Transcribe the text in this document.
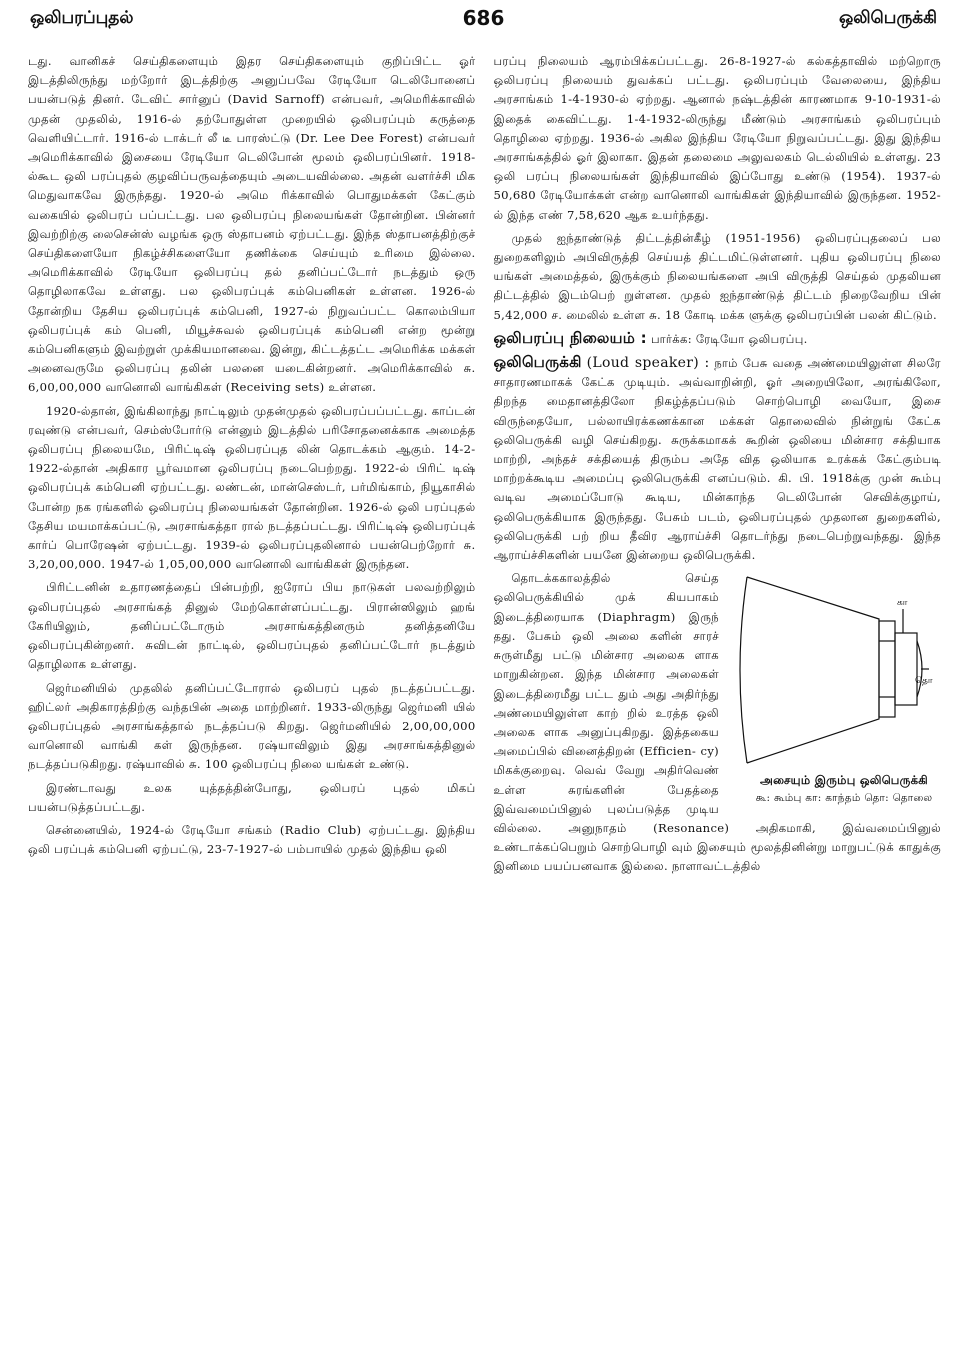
ஒலிபரப்புதல்	686	ஒலிபெருக்கி

டது. வானிகச் செய்திகளையும் இதர செய்திகளையும் குறிப்பிட்ட ஓர் இடத்திலிருந்து மற்றோர் இடத்திற்கு அனுப்பவே ரேடியோ டெலிபோனைப் பயன்படுத் தினர். டேவிட் சார்னுப் (David Sarnoff) என்பவர், அமெரிக்காவில் முதன் முதலில், 1916-ல் தற்போதுள்ள முறையில் ஒலிபரப்பும் கருத்தை வெளியிட்டார். 1916-ல் டாக்டர் லீ டீ பாரஸ்ட்டு (Dr. Lee Dee Forest) என்பவர் அமெரிக்காவில் இசையை ரேடியோ டெலிபோன் மூலம் ஒலிபரப்பினர். 1918-ல்கூட ஒலி பரப்புதல் குழவிப்பருவத்தையும் அடையவில்லை. அதன் வளர்ச்சி மிக மெதுவாகவே இருந்தது. 1920-ல் அமெ ரிக்காவில் பொதுமக்கள் கேட்கும் வகையில் ஒலிபரப் பப்பட்டது. பல ஒலிபரப்பு நிலையங்கள் தோன்றின. பின்னர் இவற்றிற்கு லைசென்ஸ் வழங்க ஒரு ஸ்தாபனம் ஏற்பட்டது. இந்த ஸ்தாபனத்திற்குச் செய்திகளையோ நிகழ்ச்சிகளையோ தணிக்கை செய்யும் உரிமை இல்லை. அமெரிக்காவில் ரேடியோ ஒலிபரப்பு தல் தனிப்பட்டோர் நடத்தும் ஒரு தொழிலாகவே உள்ளது. பல ஒலிபரப்புக் கம்பெனிகள் உள்ளன. 1926-ல் தோன்றிய தேசிய ஒலிபரப்புக் கம்பெனி, 1927-ல் நிறுவப்பட்ட கொலம்பியா ஒலிபரப்புக் கம் பெனி, மியூச்சுவல் ஒலிபரப்புக் கம்பெனி என்ற மூன்று கம்பெனிகளும் இவற்றுள் முக்கியமானவை. இன்று, கிட்டத்தட்ட அமெரிக்க மக்கள் அனைவருமே ஒலிபரப்பு தலின் பலனை யடைகின்றனர். அமெரிக்காவில் சு. 6,00,00,000 வானொலி வாங்கிகள் (Receiving sets) உள்ளன.

1920-ல்தான், இங்கிலாந்து நாட்டிலும் முதன்முதல் ஒலிபரப்பப்பட்டது. காப்டன் ரவுண்டு என்பவர், செம்ஸ்போர்டு என்னும் இடத்தில் பரிசோதனைக்காக அமைத்த ஒலிபரப்பு நிலையமே, பிரிட்டிஷ் ஒலிபரப்புத லின் தொடக்கம் ஆகும். 14-2-1922-ல்தான் அதிகார பூர்வமான ஒலிபரப்பு நடைபெற்றது. 1922-ல் பிரிட் டிஷ் ஒலிபரப்புக் கம்பெனி ஏற்பட்டது. லண்டன், மான்செஸ்டர், பர்மிங்காம், நியூகாசில் போன்ற நக ரங்களில் ஒலிபரப்பு நிலையங்கள் தோன்றின. 1926-ல் ஒலி பரப்புதல் தேசிய மயமாக்கப்பட்டு, அரசாங்கத்தா ரால் நடத்தப்பட்டது. பிரிட்டிஷ் ஒலிபரப்புக் கார்ப் பொரேஷன் ஏற்பட்டது. 1939-ல் ஒலிபரப்புதலினால் பயன்பெற்றோர் சு. 3,20,00,000. 1947-ல் 1,05,00,000 வானொலி வாங்கிகள் இருந்தன.

பிரிட்டனின் உதாரணத்தைப் பின்பற்றி, ஐரோப் பிய நாடுகள் பலவற்றிலும் ஒலிபரப்புதல் அரசாங்கத் தினுல் மேற்கொள்ளப்பட்டது. பிரான்ஸிலும் ஹங் கேரியிலும், தனிப்பட்டோரும் அரசாங்கத்தினரும் தனித்தனியே ஒலிபரப்புகின்றனர். சுவிடன் நாட்டில், ஒலிபரப்புதல் தனிப்பட்டோர் நடத்தும் தொழிலாக உள்ளது.

ஜெர்மனியில் முதலில் தனிப்பட்டோரால் ஒலிபரப் புதல் நடத்தப்பட்டது. ஹிட்லர் அதிகாரத்திற்கு வந்தபின் அதை மாற்றினர். 1933-லிருந்து ஜெர்மனி யில் ஒலிபரப்புதல் அரசாங்கத்தால் நடத்தப்படு கிறது. ஜெர்மனியில் 2,00,00,000 வானொலி வாங்கி கள் இருந்தன. ரஷ்யாவிலும் இது அரசாங்கத்தினுல் நடத்தப்படுகிறது. ரஷ்யாவில் சு. 100 ஒலிபரப்பு நிலை யங்கள் உண்டு.

இரண்டாவது உலக யுத்தத்தின்போது, ஒலிபரப் புதல் மிகப் பயன்படுத்தப்பட்டது.

சென்னையில், 1924-ல் ரேடியோ சங்கம் (Radio Club) ஏற்பட்டது. இந்திய ஒலி பரப்புக் கம்பெனி ஏற்பட்டு, 23-7-1927-ல் பம்பாயில் முதல் இந்திய ஒலி

பரப்பு நிலையம் ஆரம்பிக்கப்பட்டது. 26-8-1927-ல் கல்கத்தாவில் மற்றொரு ஒலிபரப்பு நிலையம் துவக்கப் பட்டது. ஒலிபரப்பும் வேலையை, இந்திய அரசாங்கம் 1-4-1930-ல் ஏற்றது. ஆனால் நஷ்டத்தின் காரணமாக 9-10-1931-ல் இதைக் கைவிட்டது. 1-4-1932-லிருந்து மீண்டும் அரசாங்கம் ஒலிபரப்பும் தொழிலை ஏற்றது. 1936-ல் அகில இந்திய ரேடியோ நிறுவப்பட்டது. இது இந்திய அரசாங்கத்தில் ஓர் இலாகா. இதன் தலைமை அலுவலகம் டெல்லியில் உள்ளது. 23 ஒலி பரப்பு நிலையங்கள் இந்தியாவில் இப்போது உண்டு (1954). 1937-ல் 50,680 ரேடியோக்கள் என்ற வானொலி வாங்கிகள் இந்தியாவில் இருந்தன. 1952-ல் இந்த எண் 7,58,620 ஆக உயர்ந்தது.

முதல் ஐந்தாண்டுத் திட்டத்தின்கீழ் (1951-1956) ஒலிபரப்புதலைப் பல துறைகளிலும் அபிவிருத்தி செய்யத் திட்டமிட்டுள்ளனர். புதிய ஒலிபரப்பு நிலை யங்கள் அமைத்தல், இருக்கும் நிலையங்களை அபி விருத்தி செய்தல் முதலியன திட்டத்தில் இடம்பெற் றுள்ளன. முதல் ஐந்தாண்டுத் திட்டம் நிறைவேறிய பின் 5,42,000 ச. மைலில் உள்ள சு. 18 கோடி மக்க ளுக்கு ஒலிபரப்பின் பலன் கிட்டும்.

ஒலிபரப்பு நிலையம் : பார்க்க: ரேடியோ ஒலிபரப்பு.

ஒலிபெருக்கி (Loud speaker) : நாம் பேசு வதை அண்மையிலுள்ள சிலரே சாதாரணமாகக் கேட்க முடியும். அவ்வாறின்றி, ஓர் அறையிலோ, அரங்கிலோ, திறந்த மைதானத்திலோ நிகழ்த்தப்படும் சொற்பொழி வையோ, இசை விருந்தையோ, பல்லாயிரக்கணக்கான மக்கள் தொலைவில் நின்றுங் கேட்க ஒலிபெருக்கி வழி செய்கிறது. சுருக்கமாகக் கூறின் ஒலியை மின்சார சக்தியாக மாற்றி, அந்தச் சக்தியைத் திரும்ப அதே வித ஒலியாக உரக்கக் கேட்கும்படி மாற்றக்கூடிய அமைப்பு ஒலிபெருக்கி எனப்படும். கி. பி. 1918க்கு முன் கூம்பு வடிவ அமைப்போடு கூடிய, மின்காந்த டெலிபோன் செவிக்குழாய், ஒலிபெருக்கியாக இருந்தது. பேசும் படம், ஒலிபரப்புதல் முதலான துறைகளில், ஒலிபெருக்கி பற் றிய தீவிர ஆராய்ச்சி தொடர்ந்து நடைபெற்றுவந்தது. இந்த ஆராய்ச்சிகளின் பயனே இன்றைய ஒலிபெருக்கி.

கா
தொ
அசையும் இரும்பு ஒலிபெருக்கி
கூ: கூம்பு கா: காந்தம் தொ: தொலை
தொடக்ககாலத்தில் செய்த ஒலிபெருக்கியில் முக் கியபாகம் இடைத்திரையாக (Diaphragm) இருந் தது. பேசும் ஒலி அலை களின் சாரச் சுருள்மீது பட்டு மின்சார அலைக ளாக மாறுகின்றன. இந்த மின்சார அலைகள் இடைத்திரைமீது பட்ட தும் அது அதிர்ந்து அண்மையிலுள்ள காற் றில் உரத்த ஒலி அலைக ளாக அனுப்புகிறது. இத்தகைய அமைப்பில் வினைத்திறன் (Efficien- cy) மிகக்குறைவு. வெவ் வேறு அதிர்வெண் உள்ள சுரங்களின் பேதத்தை இவ்வமைப்பினுல் புலப்படுத்த முடிய வில்லை. அனுநாதம் (Resonance) அதிகமாகி, இவ்வமைப்பினுல் உண்டாக்கப்பெறும் சொற்பொழி வும் இசையும் மூலத்தினின்று மாறுபட்டுக் காதுக்கு இனிமை பயப்பனவாக இல்லை. நாளாவட்டத்தில்
